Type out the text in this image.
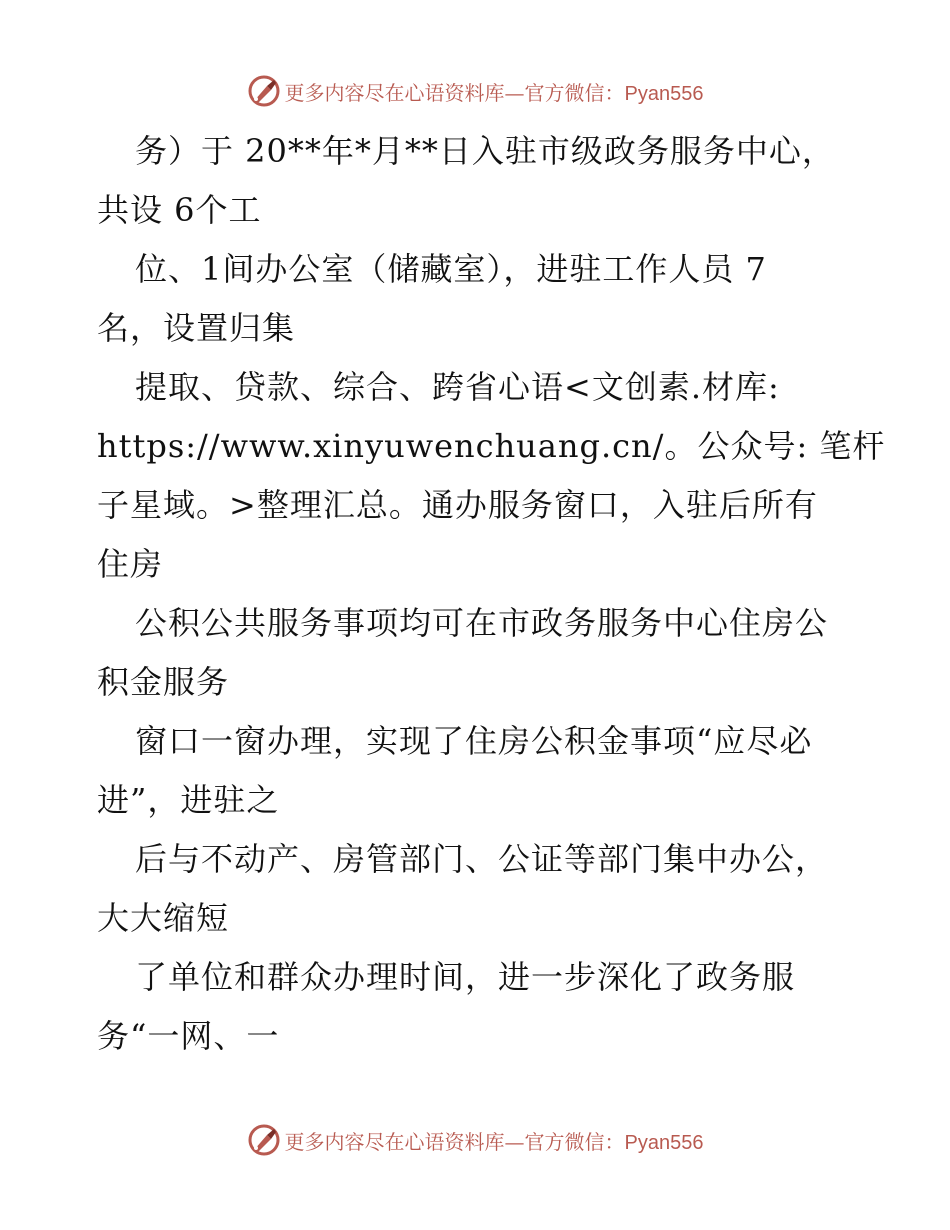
更多内容尽在心语资料库—官方微信：Pyan556
务）于 20**年*月**日入驻市级政务服务中心，
共设 6个工
位、1间办公室（储藏室），进驻工作人员 7
名，设置归集
提取、贷款、综合、跨省心语<文创素.材库:
https://www.xinyuwenchuang.cn/。公众号: 笔杆
子星域。>整理汇总。通办服务窗口，入驻后所有
住房
公积公共服务事项均可在市政务服务中心住房公
积金服务
窗口一窗办理，实现了住房公积金事项“应尽必
进”，进驻之
后与不动产、房管部门、公证等部门集中办公，
大大缩短
了单位和群众办理时间，进一步深化了政务服
务“一网、一
更多内容尽在心语资料库—官方微信：Pyan556
